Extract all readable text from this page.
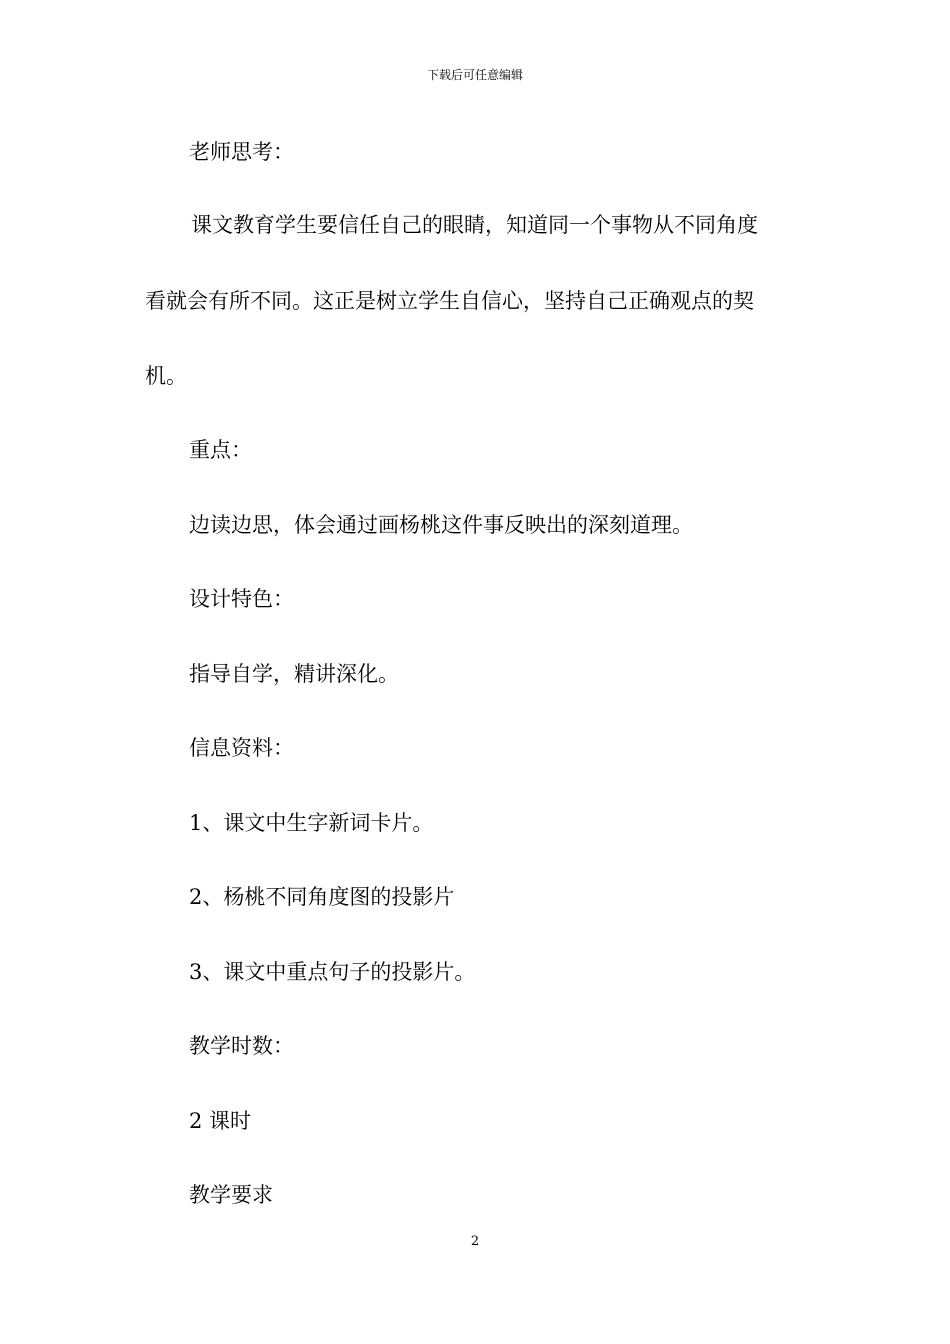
下载后可任意编辑
老师思考：
课文教育学生要信任自己的眼睛，知道同一个事物从不同角度
看就会有所不同。这正是树立学生自信心，坚持自己正确观点的契
机。
重点：
边读边思，体会通过画杨桃这件事反映出的深刻道理。
设计特色：
指导自学，精讲深化。
信息资料：
1、课文中生字新词卡片。
2、杨桃不同角度图的投影片
3、课文中重点句子的投影片。
教学时数：
2 课时
教学要求
2
